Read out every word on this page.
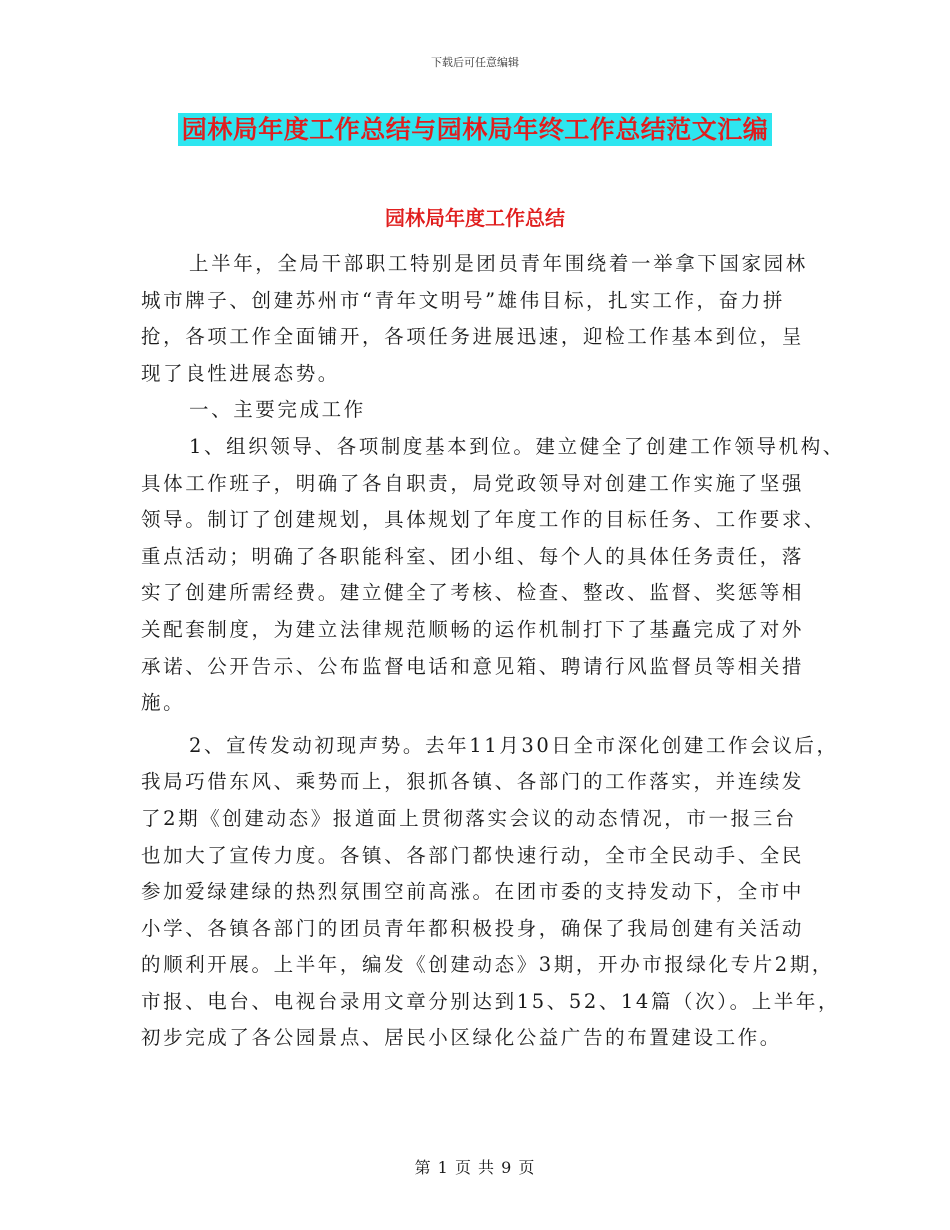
下载后可任意编辑
园林局年度工作总结与园林局年终工作总结范文汇编
园林局年度工作总结
上半年，全局干部职工特别是团员青年围绕着一举拿下国家园林
城市牌子、创建苏州市“青年文明号”雄伟目标，扎实工作，奋力拼
抢，各项工作全面铺开，各项任务进展迅速，迎检工作基本到位，呈
现了良性进展态势。
一、主要完成工作
1、组织领导、各项制度基本到位。建立健全了创建工作领导机构、
具体工作班子，明确了各自职责，局党政领导对创建工作实施了坚强
领导。制订了创建规划，具体规划了年度工作的目标任务、工作要求、
重点活动；明确了各职能科室、团小组、每个人的具体任务责任，落
实了创建所需经费。建立健全了考核、检查、整改、监督、奖惩等相
关配套制度，为建立法律规范顺畅的运作机制打下了基矗完成了对外
承诺、公开告示、公布监督电话和意见箱、聘请行风监督员等相关措
施。
2、宣传发动初现声势。去年11月30日全市深化创建工作会议后，
我局巧借东风、乘势而上，狠抓各镇、各部门的工作落实，并连续发
了2期《创建动态》报道面上贯彻落实会议的动态情况，市一报三台
也加大了宣传力度。各镇、各部门都快速行动，全市全民动手、全民
参加爱绿建绿的热烈氛围空前高涨。在团市委的支持发动下，全市中
小学、各镇各部门的团员青年都积极投身，确保了我局创建有关活动
的顺利开展。上半年，编发《创建动态》3期，开办市报绿化专片2期，
市报、电台、电视台录用文章分别达到15、52、14篇（次）。上半年，
初步完成了各公园景点、居民小区绿化公益广告的布置建设工作。
第 1 页 共 9 页
